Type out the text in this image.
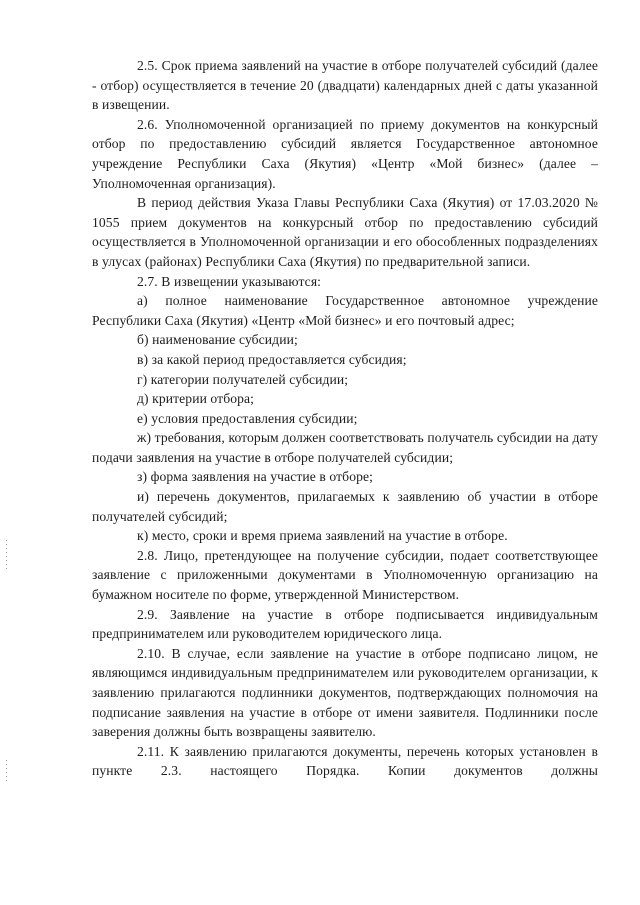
2.5. Срок приема заявлений на участие в отборе получателей субсидий (далее - отбор) осуществляется в течение 20 (двадцати) календарных дней с даты указанной в извещении.

2.6. Уполномоченной организацией по приему документов на конкурсный отбор по предоставлению субсидий является Государственное автономное учреждение Республики Саха (Якутия) «Центр «Мой бизнес» (далее – Уполномоченная организация).

В период действия Указа Главы Республики Саха (Якутия) от 17.03.2020 № 1055 прием документов на конкурсный отбор по предоставлению субсидий осуществляется в Уполномоченной организации и его обособленных подразделениях в улусах (районах) Республики Саха (Якутия) по предварительной записи.

2.7. В извещении указываются:

а) полное наименование Государственное автономное учреждение Республики Саха (Якутия) «Центр «Мой бизнес» и его почтовый адрес;

б) наименование субсидии;

в) за какой период предоставляется субсидия;

г) категории получателей субсидии;

д) критерии отбора;

е) условия предоставления субсидии;

ж) требования, которым должен соответствовать получатель субсидии на дату подачи заявления на участие в отборе получателей субсидии;

з) форма заявления на участие в отборе;

и) перечень документов, прилагаемых к заявлению об участии в отборе получателей субсидий;

к) место, сроки и время приема заявлений на участие в отборе.

2.8. Лицо, претендующее на получение субсидии, подает соответствующее заявление с приложенными документами в Уполномоченную организацию на бумажном носителе по форме, утвержденной Министерством.

2.9. Заявление на участие в отборе подписывается индивидуальным предпринимателем или руководителем юридического лица.

2.10. В случае, если заявление на участие в отборе подписано лицом, не являющимся индивидуальным предпринимателем или руководителем организации, к заявлению прилагаются подлинники документов, подтверждающих полномочия на подписание заявления на участие в отборе от имени заявителя. Подлинники после заверения должны быть возвращены заявителю.

2.11. К заявлению прилагаются документы, перечень которых установлен в пункте 2.3. настоящего Порядка. Копии документов должны
